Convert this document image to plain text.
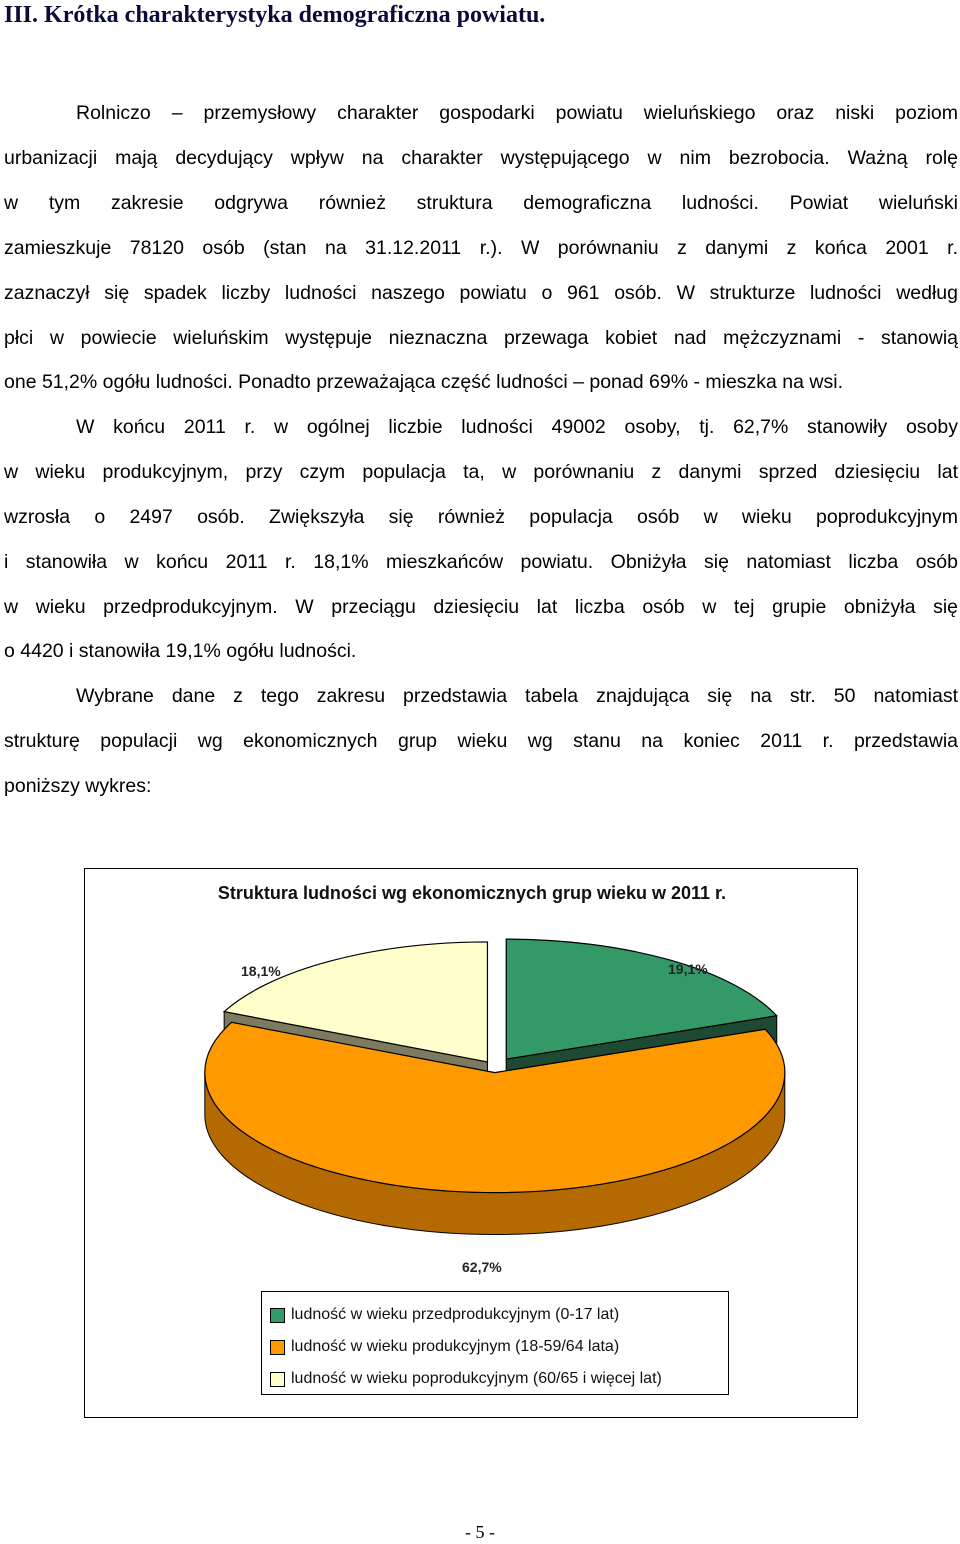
III. Krótka charakterystyka demograficzna powiatu.

Rolniczo – przemysłowy charakter gospodarki powiatu wieluńskiego oraz niski poziom

urbanizacji mają decydujący wpływ na charakter występującego w nim bezrobocia. Ważną rolę

w tym zakresie odgrywa również struktura demograficzna ludności. Powiat wieluński

zamieszkuje 78120 osób (stan na 31.12.2011 r.). W porównaniu z danymi z końca 2001 r.

zaznaczył się spadek liczby ludności naszego powiatu o 961 osób. W strukturze ludności według

płci w powiecie wieluńskim występuje nieznaczna przewaga kobiet nad mężczyznami - stanowią

one 51,2% ogółu ludności. Ponadto przeważająca część ludności – ponad 69% - mieszka na wsi.

W końcu 2011 r. w ogólnej liczbie ludności 49002 osoby, tj. 62,7% stanowiły osoby

w wieku produkcyjnym, przy czym populacja ta, w porównaniu z danymi sprzed dziesięciu lat

wzrosła o 2497 osób. Zwiększyła się również populacja osób w wieku poprodukcyjnym

i stanowiła w końcu 2011 r. 18,1% mieszkańców powiatu. Obniżyła się natomiast liczba osób

w wieku przedprodukcyjnym. W przeciągu dziesięciu lat liczba osób w tej grupie obniżyła się

o 4420 i stanowiła 19,1% ogółu ludności.

Wybrane dane z tego zakresu przedstawia tabela znajdująca się na str. 50 natomiast

strukturę populacji wg ekonomicznych grup wieku wg stanu na koniec 2011 r. przedstawia

poniższy wykres:

Struktura ludności wg ekonomicznych grup wieku w 2011 r.
18,1%	19,1%
62,7%
ludność w wieku przedprodukcyjnym (0-17 lat)
ludność w wieku produkcyjnym (18-59/64 lata)
ludność w wieku poprodukcyjnym (60/65 i więcej lat)
- 5 -
